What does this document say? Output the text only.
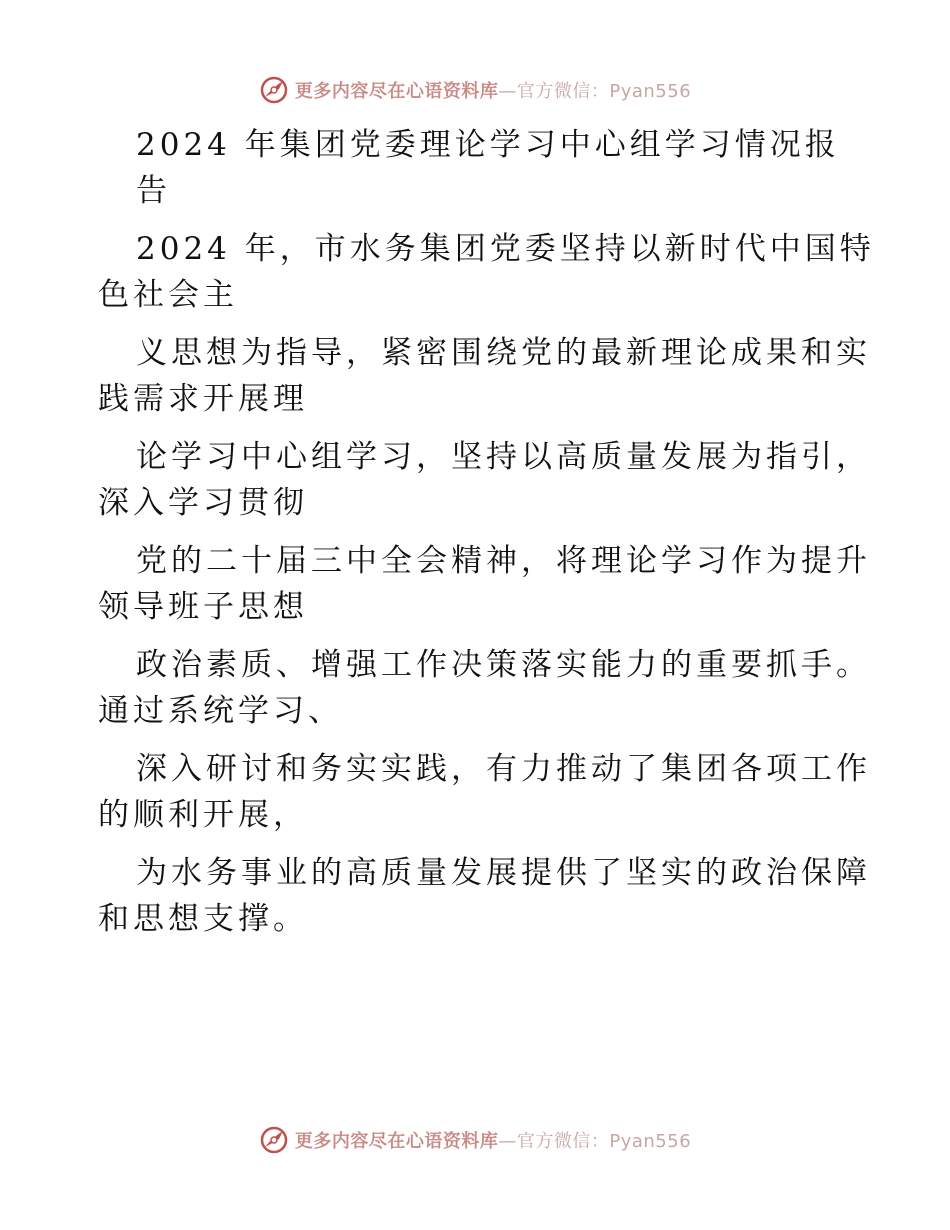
更多内容尽在心语资料库—官方微信：Pyan556
2024 年集团党委理论学习中心组学习情况报
告
2024 年，市水务集团党委坚持以新时代中国特
色社会主
义思想为指导，紧密围绕党的最新理论成果和实
践需求开展理
论学习中心组学习，坚持以高质量发展为指引，
深入学习贯彻
党的二十届三中全会精神，将理论学习作为提升
领导班子思想
政治素质、增强工作决策落实能力的重要抓手。
通过系统学习、
深入研讨和务实实践，有力推动了集团各项工作
的顺利开展，
为水务事业的高质量发展提供了坚实的政治保障
和思想支撑。
更多内容尽在心语资料库—官方微信：Pyan556
